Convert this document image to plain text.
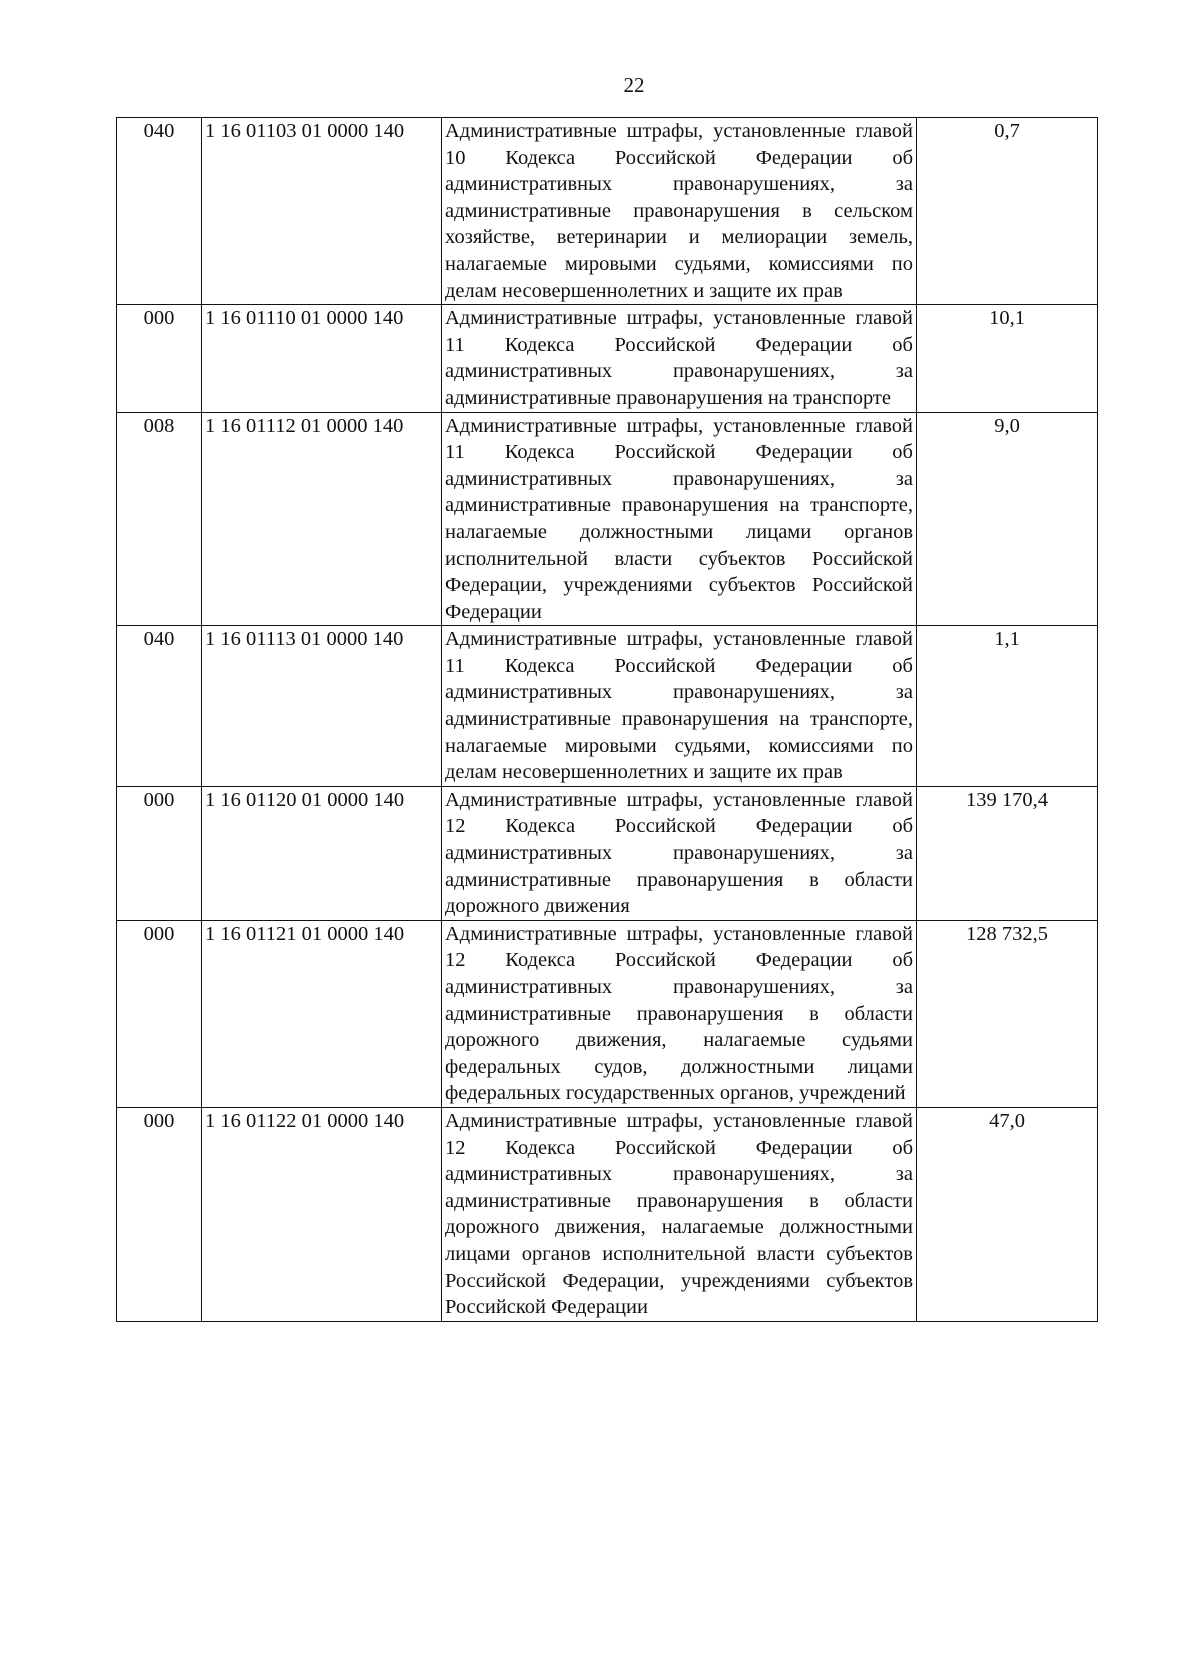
22
040	1 16 01103 01 0000 140	Административные штрафы, установленные главой 10 Кодекса Российской Федерации об административных правонарушениях, за административные правонарушения в сельском хозяйстве, ветеринарии и мелиорации земель, налагаемые мировыми судьями, комиссиями по делам несовершеннолетних и защите их прав	0,7
000	1 16 01110 01 0000 140	Административные штрафы, установленные главой 11 Кодекса Российской Федерации об административных правонарушениях, за административные правонарушения на транспорте	10,1
008	1 16 01112 01 0000 140	Административные штрафы, установленные главой 11 Кодекса Российской Федерации об административных правонарушениях, за административные правонарушения на транспорте, налагаемые должностными лицами органов исполнительной власти субъектов Российской Федерации, учреждениями субъектов Российской Федерации	9,0
040	1 16 01113 01 0000 140	Административные штрафы, установленные главой 11 Кодекса Российской Федерации об административных правонарушениях, за административные правонарушения на транспорте, налагаемые мировыми судьями, комиссиями по делам несовершеннолетних и защите их прав	1,1
000	1 16 01120 01 0000 140	Административные штрафы, установленные главой 12 Кодекса Российской Федерации об административных правонарушениях, за административные правонарушения в области дорожного движения	139 170,4
000	1 16 01121 01 0000 140	Административные штрафы, установленные главой 12 Кодекса Российской Федерации об административных правонарушениях, за административные правонарушения в области дорожного движения, налагаемые судьями федеральных судов, должностными лицами федеральных государственных органов, учреждений	128 732,5
000	1 16 01122 01 0000 140	Административные штрафы, установленные главой 12 Кодекса Российской Федерации об административных правонарушениях, за административные правонарушения в области дорожного движения, налагаемые должностными лицами органов исполнительной власти субъектов Российской Федерации, учреждениями субъектов Российской Федерации	47,0
